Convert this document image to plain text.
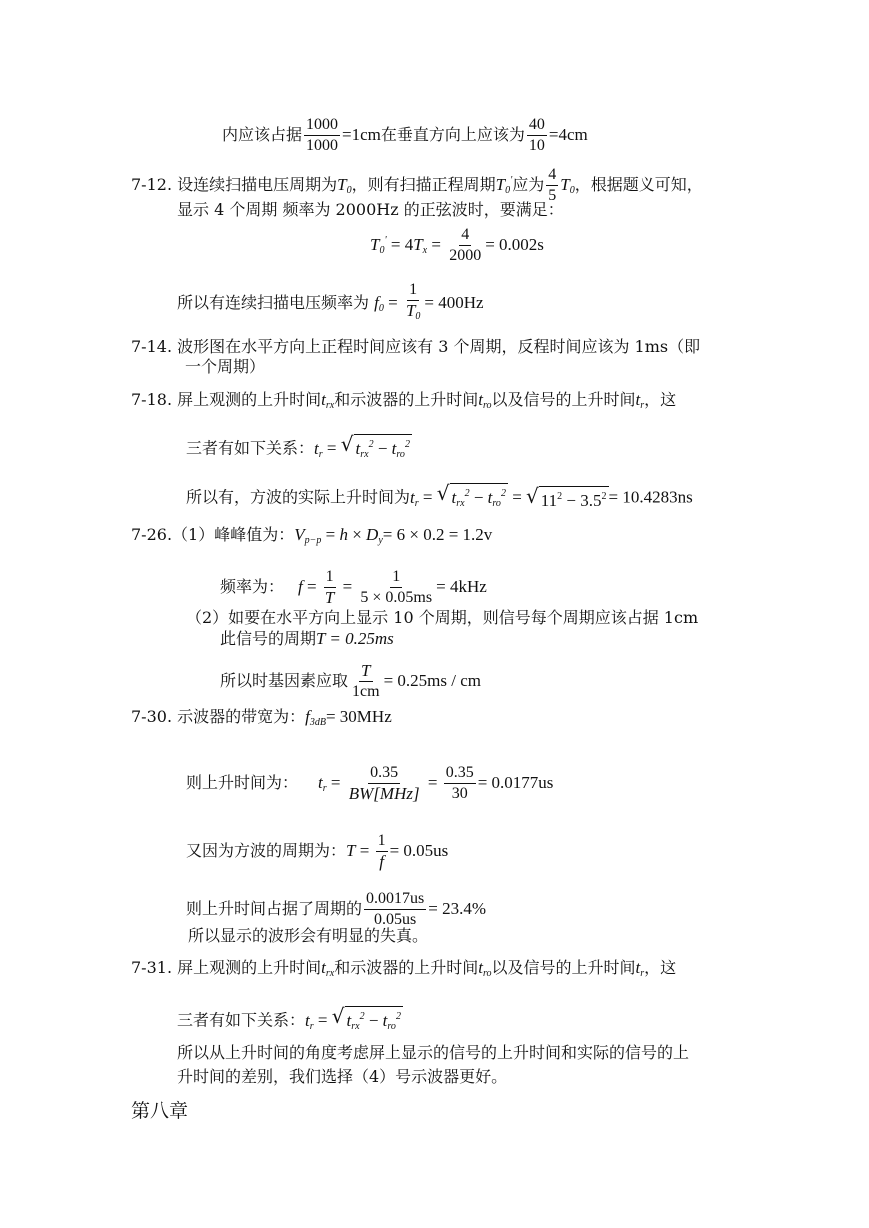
内应该占据 $\frac{1000}{1000} =1cm$在垂直方向上应该为 $\frac{40}{10} =4cm$
7-12. 设连续扫描电压周期为$T_0$，则有扫描正程周期$T_0'$应为 $\frac{4}{5} T_0$，根据题义可知，
显示 4 个周期 频率为 2000Hz 的正弦波时，要满足：
$T_0' = 4T_x = \frac{4}{2000} = 0.002s$
所以有连续扫描电压频率为 $f_0 = \frac{1}{T_0} = 400Hz$
7-14. 波形图在水平方向上正程时间应该有 3 个周期，反程时间应该为 1ms（即
一个周期）
7-18. 屏上观测的上升时间$t_{rx}$和示波器的上升时间$t_{ro}$以及信号的上升时间$t_r$，这
三者有如下关系：$t_r$ = √ $t_{rx}^2 - t_{ro}^2$
所以有，方波的实际上升时间为$t_r$ = √ $t_{rx}^2 - t_{ro}^2$ = √ $11^2 - 3.5^2 = 10.4283ns$
7-26.（1）峰峰值为：$V_{p-p} = h \times D_y= 6 \times 0.2 = 1.2v$
频率为： $f = \frac{1}{T} = \frac{1}{5 \times 0.05ms} = 4kHz$
（2）如要在水平方向上显示 10 个周期，则信号每个周期应该占据 1cm
此信号的周期T = 0.25ms
所以时基因素应取 $\frac{T}{1cm} = 0.25ms$ / cm
7-30. 示波器的带宽为：$f_{3dB}= 30MHz$
则上升时间为： $t_r = \frac{0.35}{\text{BW[MHz]}} = \frac{0.35}{30} = 0.0177us$
又因为方波的周期为：$T = \frac{1}{f} = 0.05us$
则上升时间占据了周期的 $\frac{0.0017us}{0.05us} = 23.4\%$
所以显示的波形会有明显的失真。
7-31. 屏上观测的上升时间$t_{rx}$和示波器的上升时间$t_{ro}$以及信号的上升时间$t_r$，这
三者有如下关系：$t_r$ = √ $t_{rx}^2 - t_{ro}^2$
所以从上升时间的角度考虑屏上显示的信号的上升时间和实际的信号的上
升时间的差别，我们选择（4）号示波器更好。
第八章
